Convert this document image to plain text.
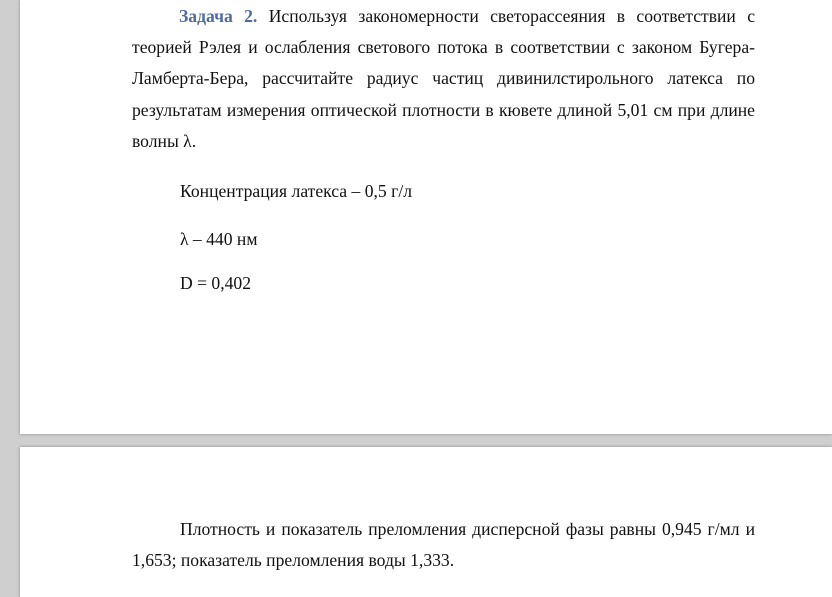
Задача 2. Используя закономерности светорассеяния в соответствии с теорией Рэлея и ослабления светового потока в соответствии с законом Бугера-Ламберта-Бера, рассчитайте радиус частиц дивинилстирольного латекса по результатам измерения оптической плотности в кювете длиной 5,01 см при длине волны λ.

Концентрация латекса – 0,5 г/л
λ – 440 нм
D = 0,402

Плотность и показатель преломления дисперсной фазы равны 0,945 г/мл и 1,653; показатель преломления воды 1,333.
